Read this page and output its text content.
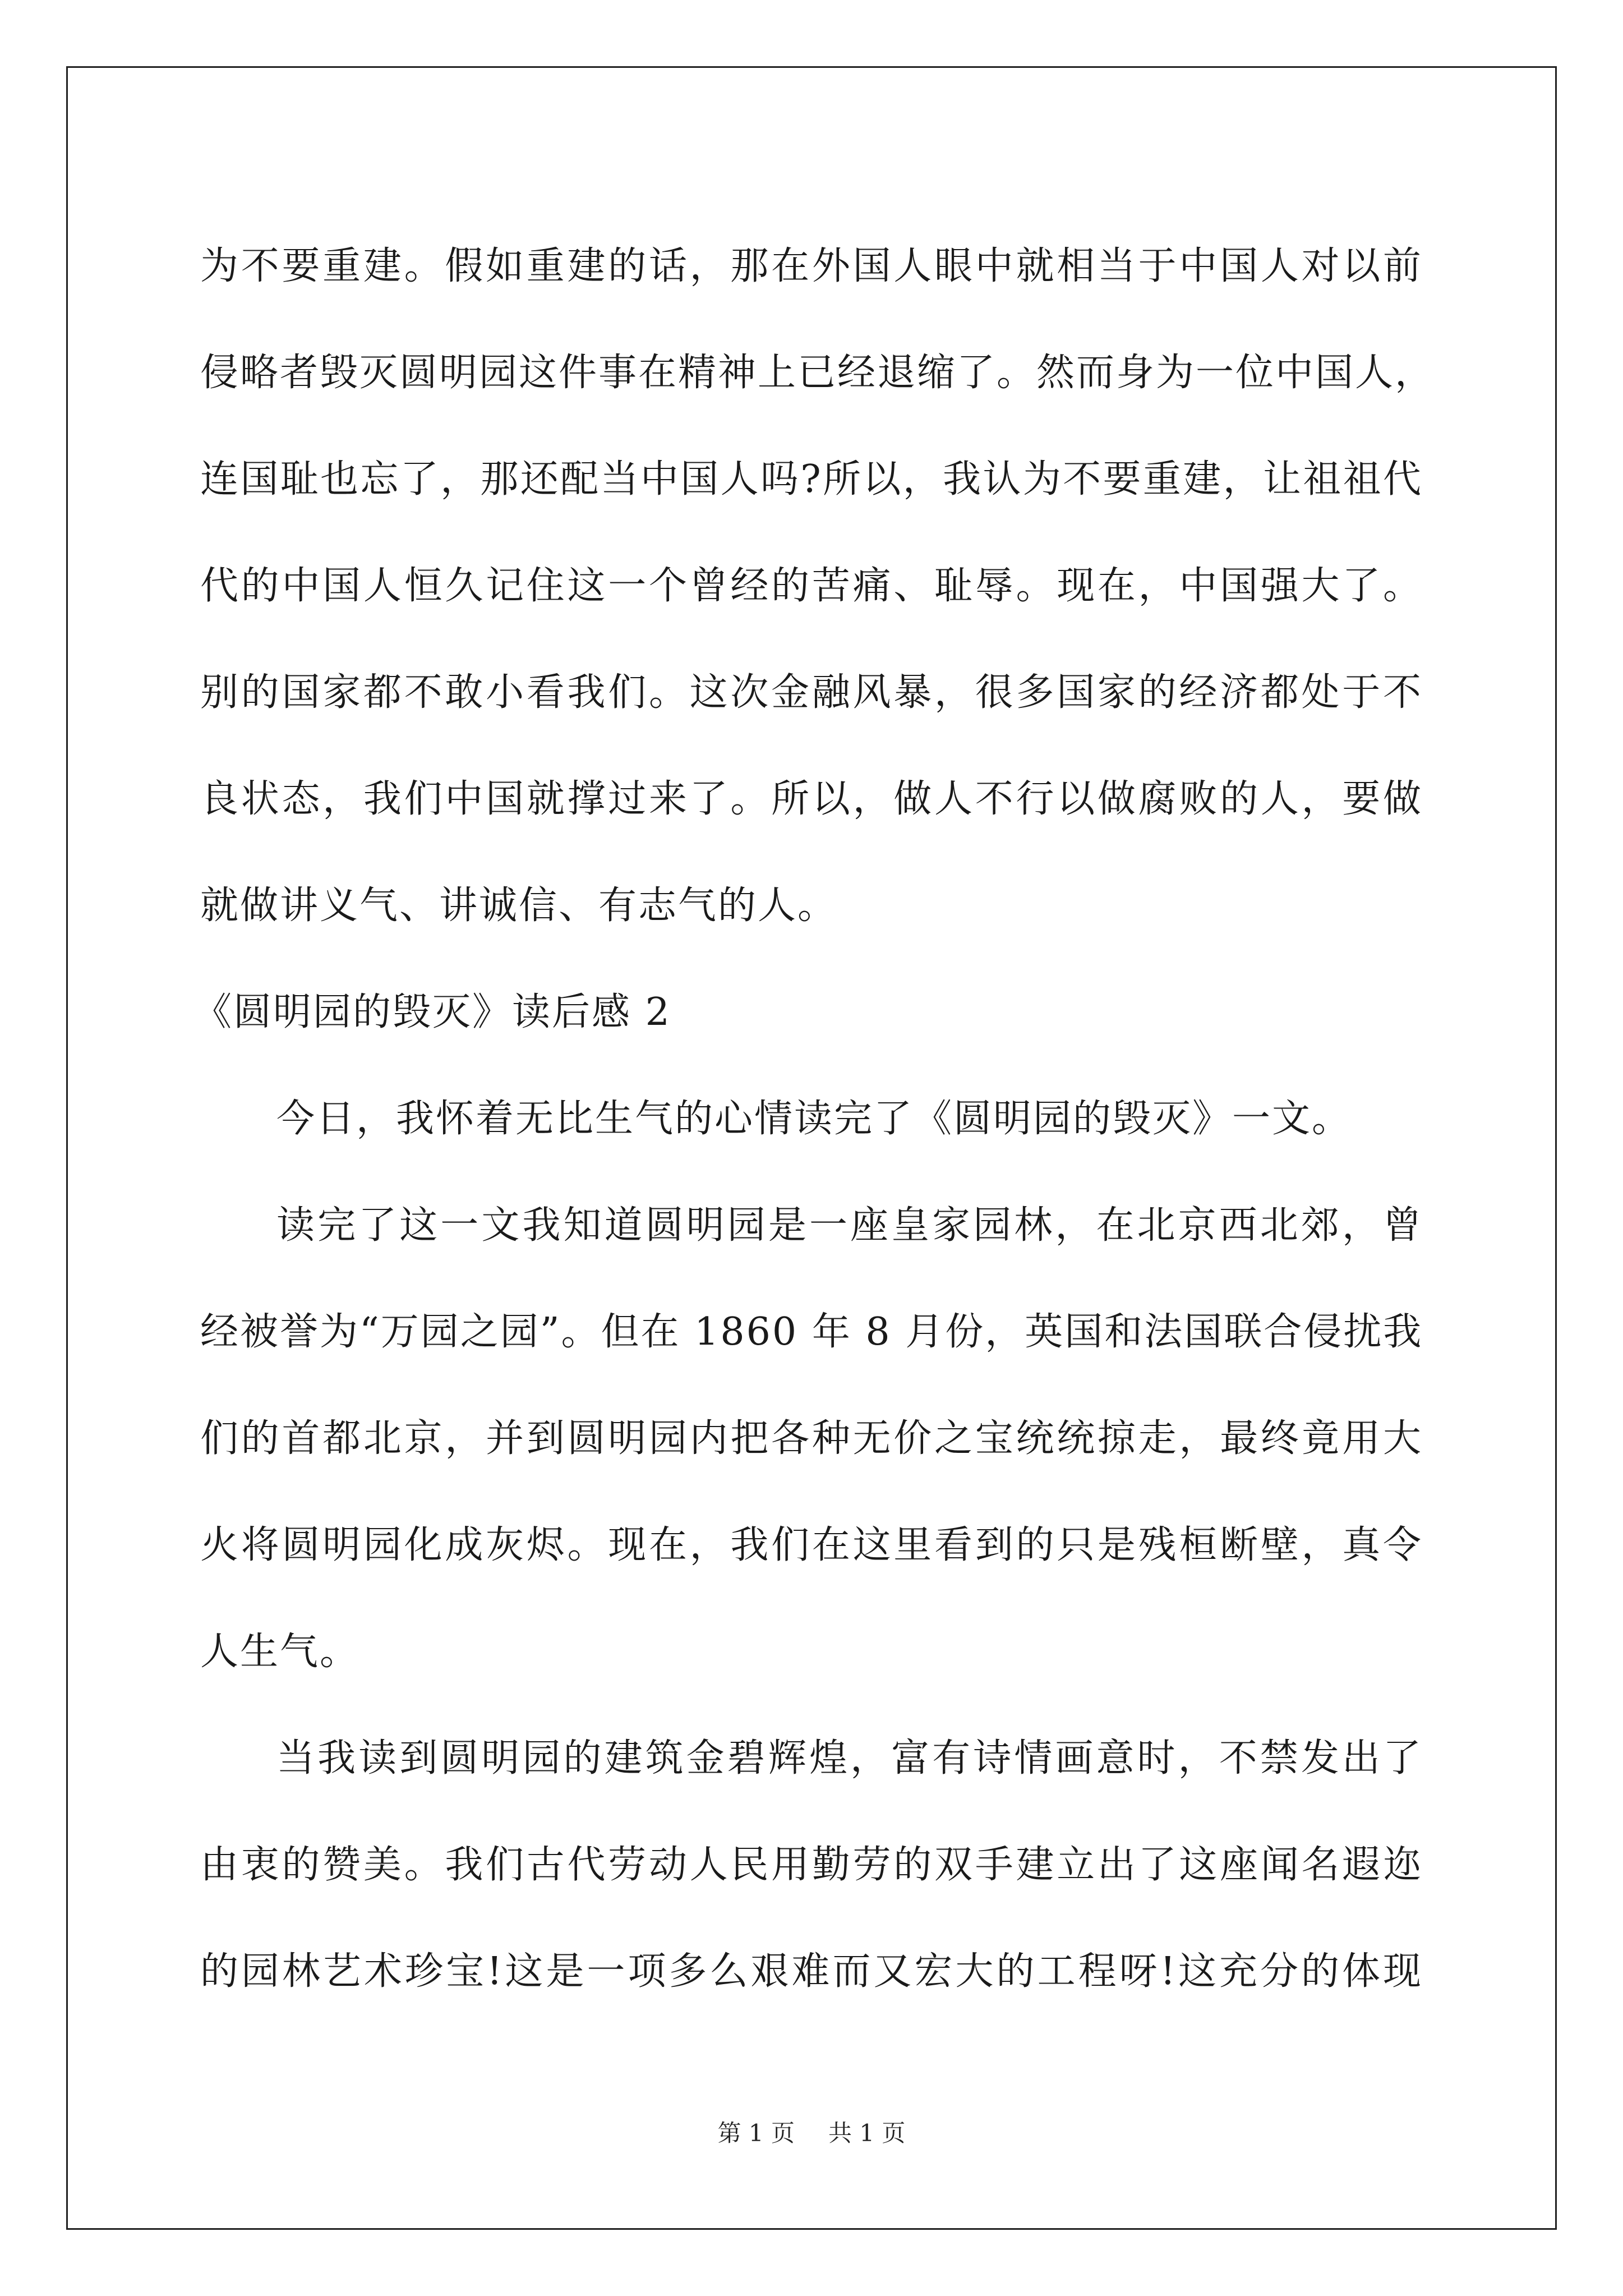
为不要重建。假如重建的话，那在外国人眼中就相当于中国人对以前
侵略者毁灭圆明园这件事在精神上已经退缩了。然而身为一位中国人，
连国耻也忘了，那还配当中国人吗?所以，我认为不要重建，让祖祖代
代的中国人恒久记住这一个曾经的苦痛、耻辱。现在，中国强大了。
别的国家都不敢小看我们。这次金融风暴，很多国家的经济都处于不
良状态，我们中国就撑过来了。所以，做人不行以做腐败的人，要做
就做讲义气、讲诚信、有志气的人。
《圆明园的毁灭》读后感 2
今日，我怀着无比生气的心情读完了《圆明园的毁灭》一文。
读完了这一文我知道圆明园是一座皇家园林，在北京西北郊，曾
经被誉为“万园之园”。但在 1860 年 8 月份，英国和法国联合侵扰我
们的首都北京，并到圆明园内把各种无价之宝统统掠走，最终竟用大
火将圆明园化成灰烬。现在，我们在这里看到的只是残桓断壁，真令
人生气。
当我读到圆明园的建筑金碧辉煌，富有诗情画意时，不禁发出了
由衷的赞美。我们古代劳动人民用勤劳的双手建立出了这座闻名遐迩
的园林艺术珍宝!这是一项多么艰难而又宏大的工程呀!这充分的体现
第 1 页 共 1 页
